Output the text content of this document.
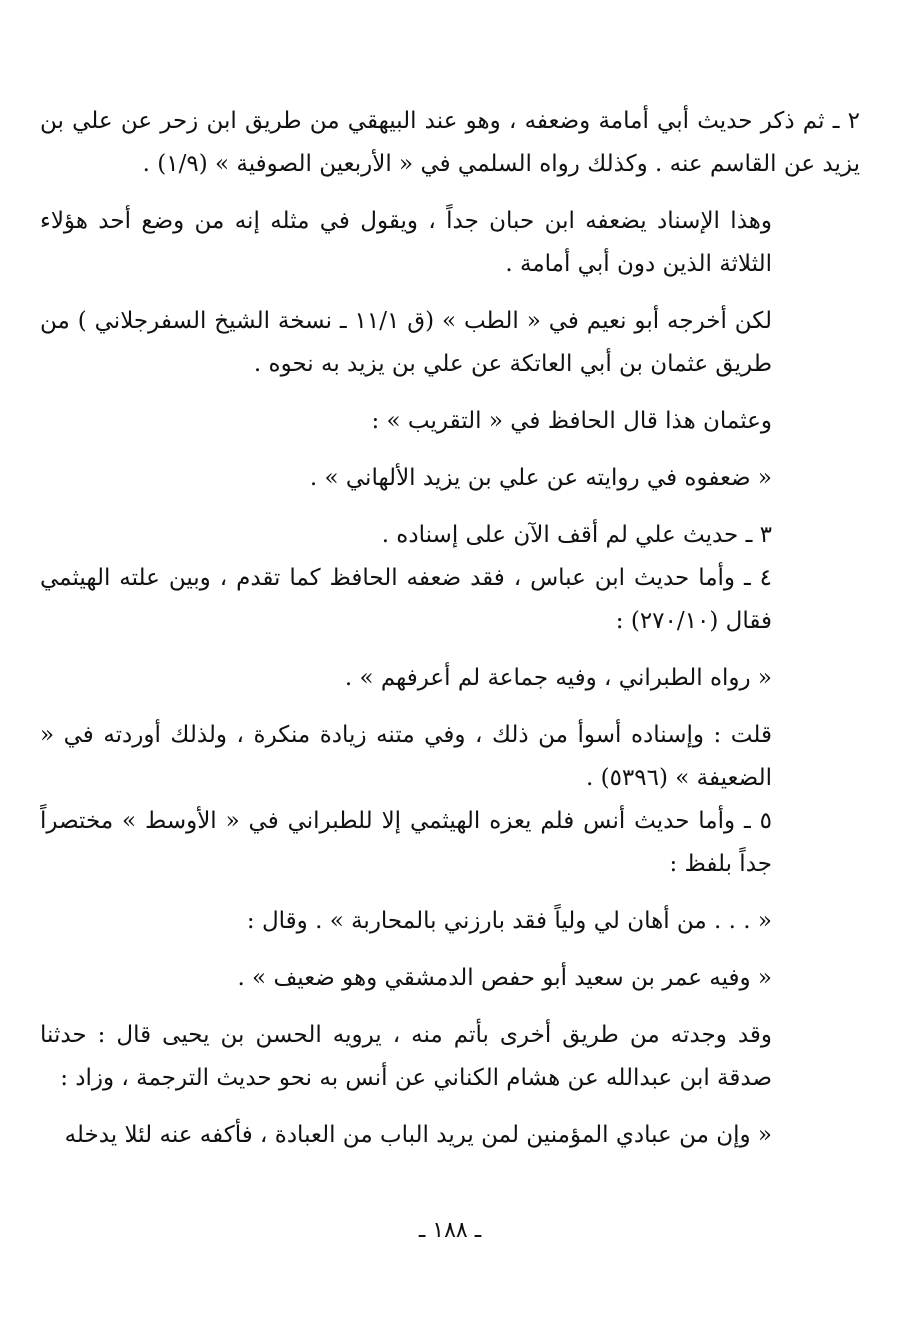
٢ ـ ثم ذكر حديث أبي أمامة وضعفه ، وهو عند البيهقي من طريق ابن زحر عن علي بن يزيد عن القاسم عنه . وكذلك رواه السلمي في « الأربعين الصوفية » (١/٩) .

وهذا الإسناد يضعفه ابن حبان جداً ، ويقول في مثله إنه من وضع أحد هؤلاء الثلاثة الذين دون أبي أمامة .

لكن أخرجه أبو نعيم في « الطب » (ق ١١/١ ـ نسخة الشيخ السفرجلاني ) من طريق عثمان بن أبي العاتكة عن علي بن يزيد به نحوه .

وعثمان هذا قال الحافظ في « التقريب » :

« ضعفوه في روايته عن علي بن يزيد الألهاني » .

٣ ـ حديث علي لم أقف الآن على إسناده .

٤ ـ وأما حديث ابن عباس ، فقد ضعفه الحافظ كما تقدم ، وبين علته الهيثمي فقال (٢٧٠/١٠) :

« رواه الطبراني ، وفيه جماعة لم أعرفهم » .

قلت : وإسناده أسوأ من ذلك ، وفي متنه زيادة منكرة ، ولذلك أوردته في « الضعيفة » (٥٣٩٦) .

٥ ـ وأما حديث أنس فلم يعزه الهيثمي إلا للطبراني في « الأوسط » مختصراً جداً بلفظ :

« . . . من أهان لي ولياً فقد بارزني بالمحاربة » . وقال :

« وفيه عمر بن سعيد أبو حفص الدمشقي وهو ضعيف » .

وقد وجدته من طريق أخرى بأتم منه ، يرويه الحسن بن يحيى قال : حدثنا صدقة ابن عبدالله عن هشام الكناني عن أنس به نحو حديث الترجمة ، وزاد :

« وإن من عبادي المؤمنين لمن يريد الباب من العبادة ، فأكفه عنه لئلا يدخله

ـ ١٨٨ ـ
